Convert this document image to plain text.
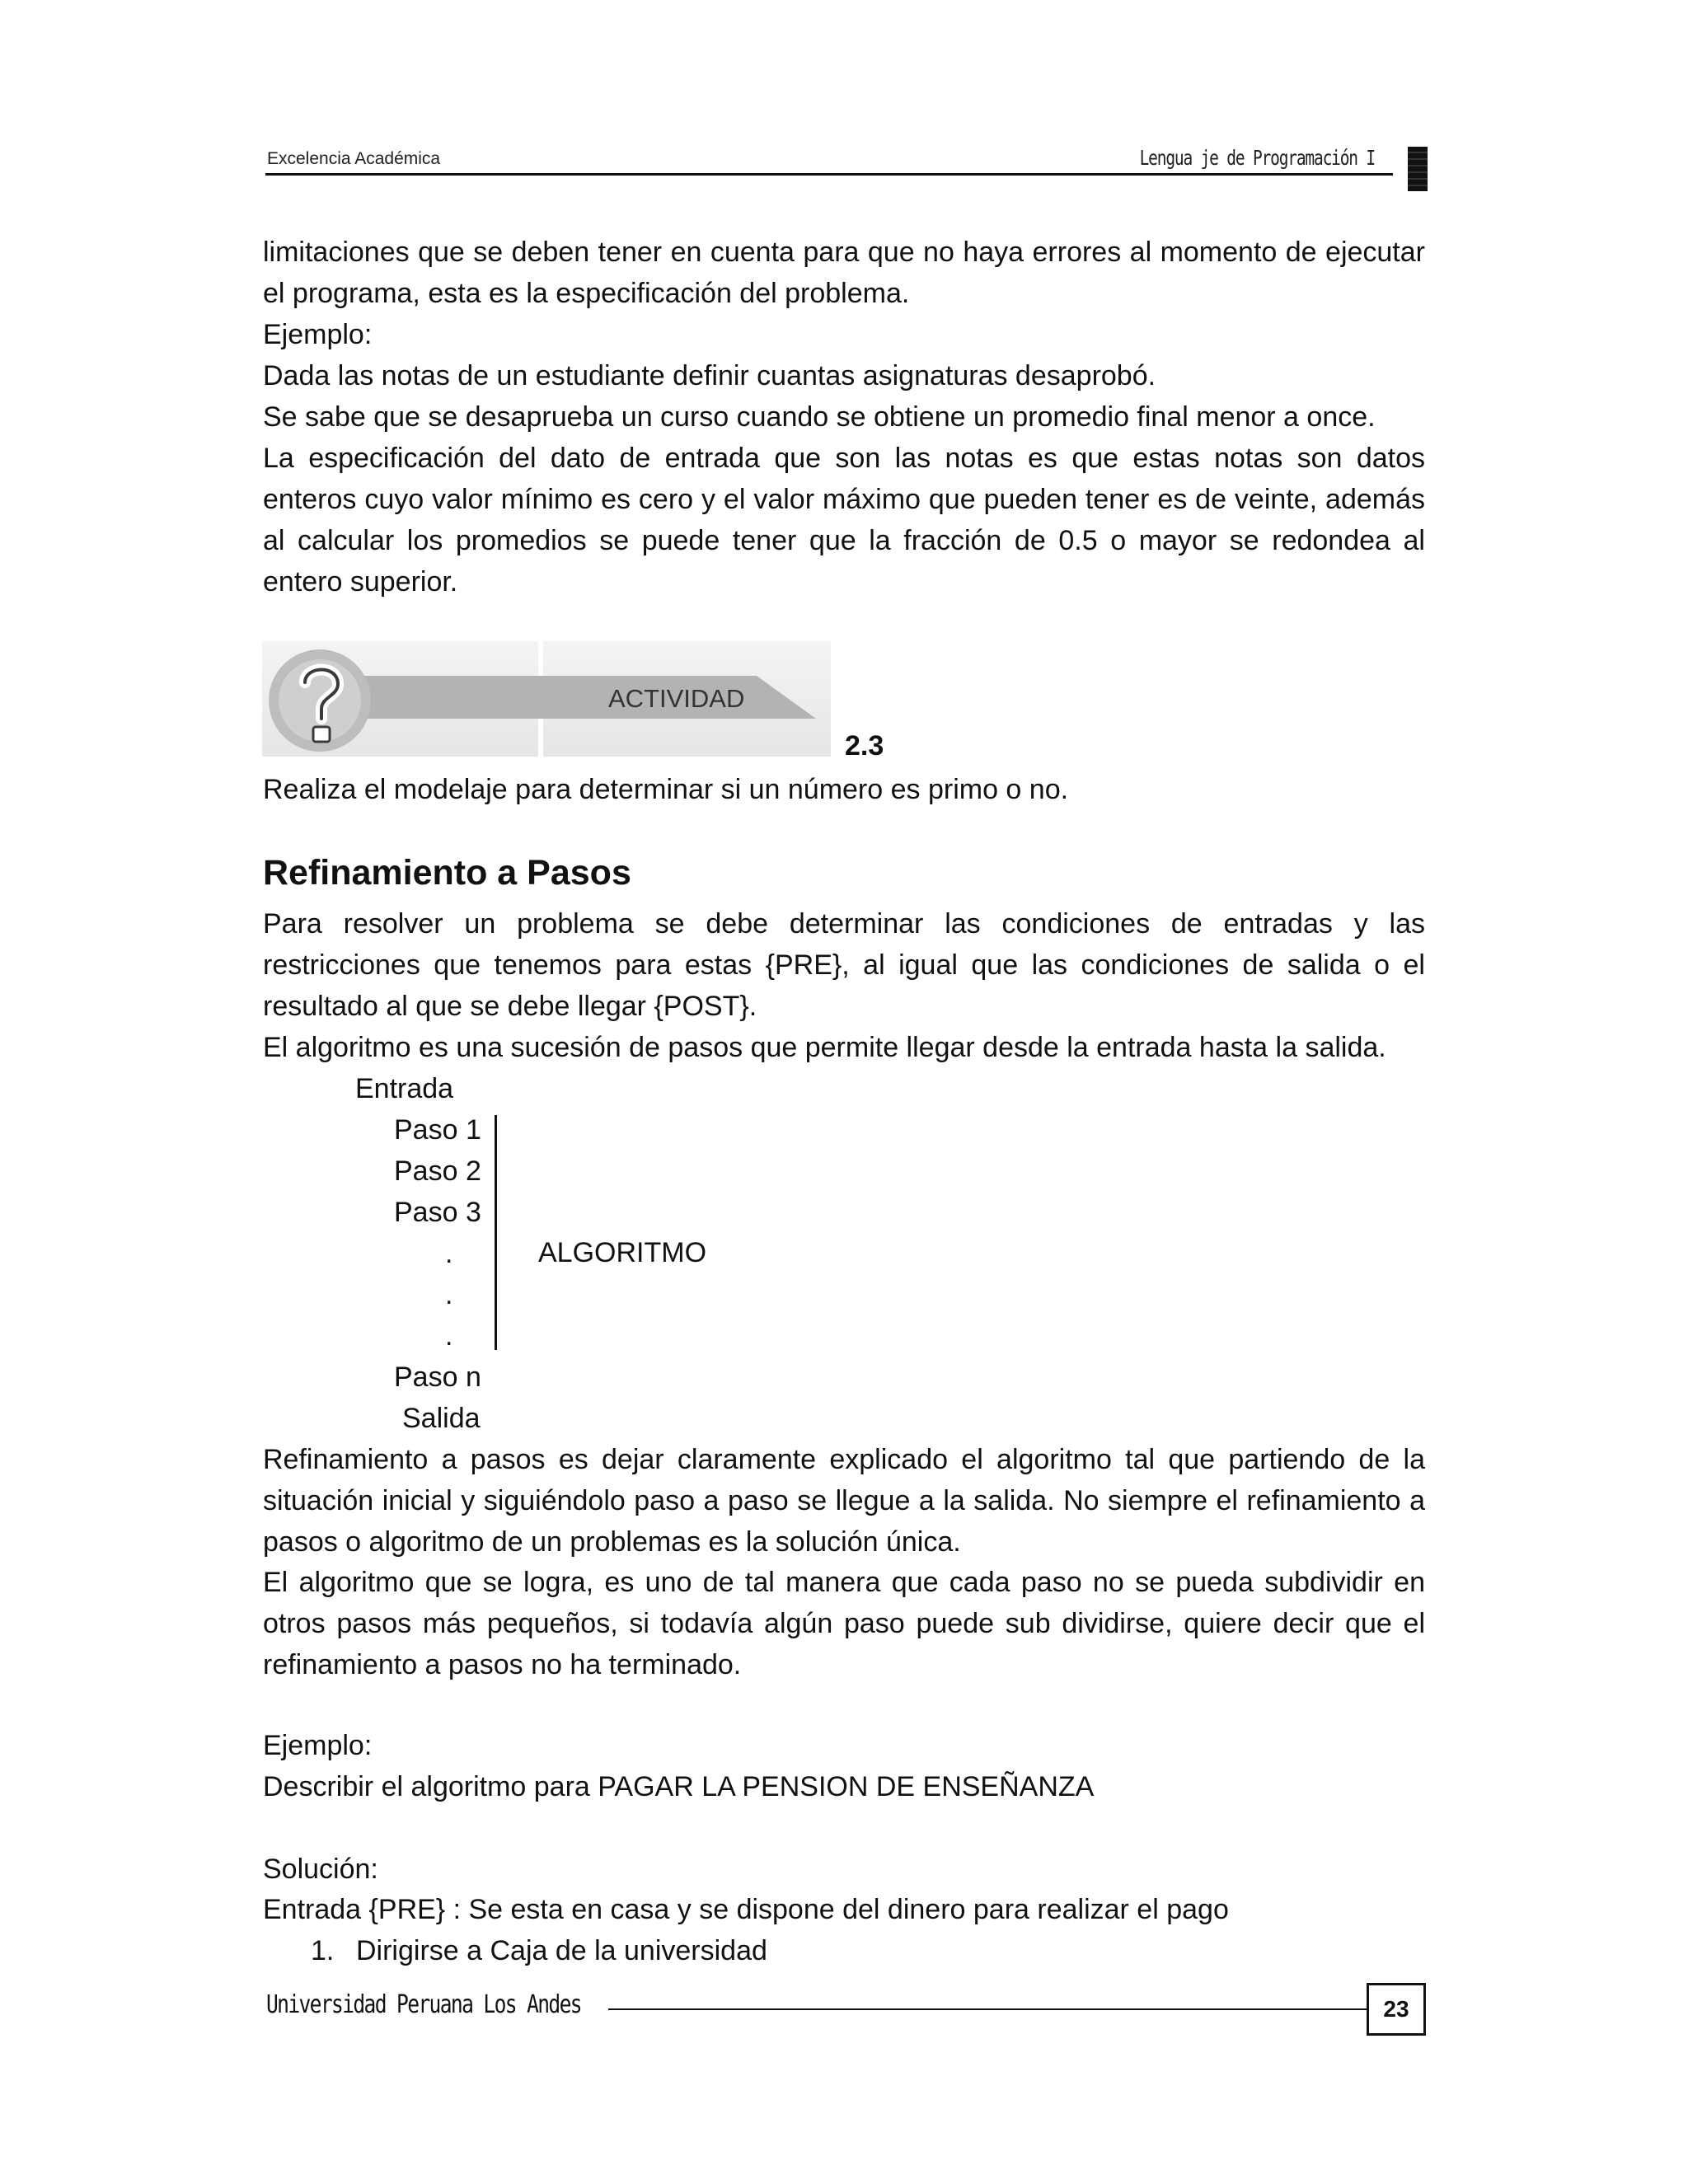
Excelencia Académica	Lengua je de Programación I
limitaciones que se deben tener en cuenta para que no haya errores al momento de ejecutar el programa, esta es la especificación del problema.
Ejemplo:
Dada las notas de un estudiante definir cuantas asignaturas desaprobó.
Se sabe que se desaprueba un curso cuando se obtiene un promedio final menor a once.
La especificación del dato de entrada que son las notas es que estas notas son datos enteros cuyo valor mínimo es cero y el valor máximo que pueden tener es de veinte, además al calcular los promedios se puede tener que la fracción de 0.5 o mayor se redondea al entero superior.
ACTIVIDAD
2.3
Realiza el modelaje para determinar si un número es primo o no.
Refinamiento a Pasos
Para resolver un problema se debe determinar las condiciones de entradas y las restricciones que tenemos para estas {PRE}, al igual que las condiciones de salida o el resultado al que se debe llegar {POST}.
El algoritmo es una sucesión de pasos que permite llegar desde la entrada hasta la salida.
Entrada
Paso 1
Paso 2
Paso 3
.
.
.
Paso n
Salida
ALGORITMO
Refinamiento a pasos es dejar claramente explicado el algoritmo tal que partiendo de la situación inicial y siguiéndolo paso a paso se llegue a la salida. No siempre el refinamiento a pasos o algoritmo de un problemas es la solución única.
El algoritmo que se logra, es uno de tal manera que cada paso no se pueda subdividir en otros pasos más pequeños, si todavía algún paso puede sub dividirse, quiere decir que el refinamiento a pasos no ha terminado.
Ejemplo:
Describir el algoritmo para PAGAR LA PENSION DE ENSEÑANZA
Solución:
Entrada {PRE} : Se esta en casa y se dispone del dinero para realizar el pago
1. Dirigirse a Caja de la universidad
Universidad Peruana Los Andes	23
